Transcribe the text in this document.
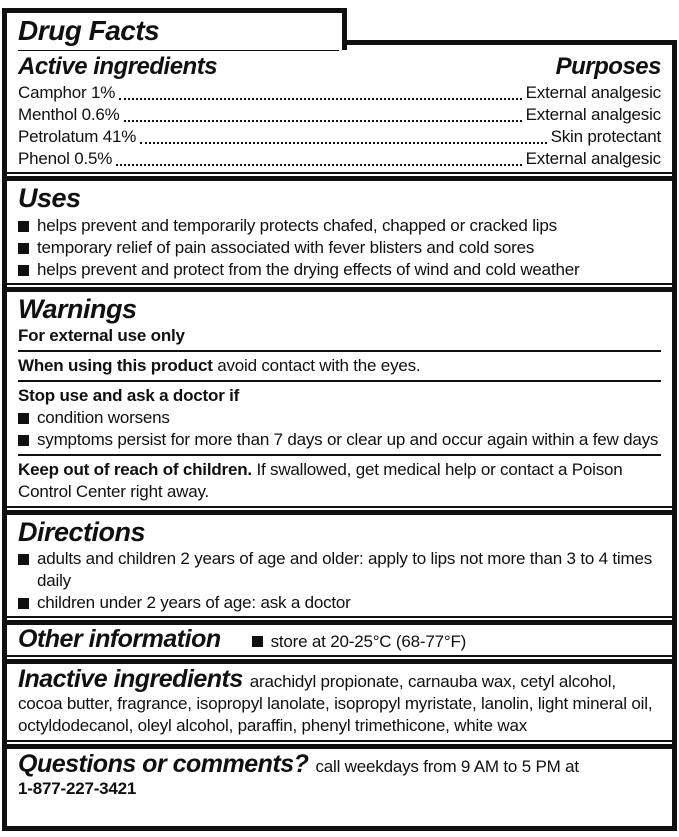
Drug Facts
Active ingredients	Purposes
Camphor 1%	External analgesic
Menthol 0.6%	External analgesic
Petrolatum 41%	Skin protectant
Phenol 0.5%	External analgesic
Uses
helps prevent and temporarily protects chafed, chapped or cracked lips
temporary relief of pain associated with fever blisters and cold sores
helps prevent and protect from the drying effects of wind and cold weather
Warnings
For external use only

When using this product avoid contact with the eyes.

Stop use and ask a doctor if
condition worsens
symptoms persist for more than 7 days or clear up and occur again within a few days

Keep out of reach of children. If swallowed, get medical help or contact a Poison Control Center right away.

Directions
adults and children 2 years of age and older: apply to lips not more than 3 to 4 times daily
children under 2 years of age: ask a doctor
Other information	store at 20-25°C (68-77°F)

Inactive ingredients arachidyl propionate, carnauba wax, cetyl alcohol, cocoa butter, fragrance, isopropyl lanolate, isopropyl myristate, lanolin, light mineral oil, octyldodecanol, oleyl alcohol, paraffin, phenyl trimethicone, white wax

Questions or comments? call weekdays from 9 AM to 5 PM at
1-877-227-3421
